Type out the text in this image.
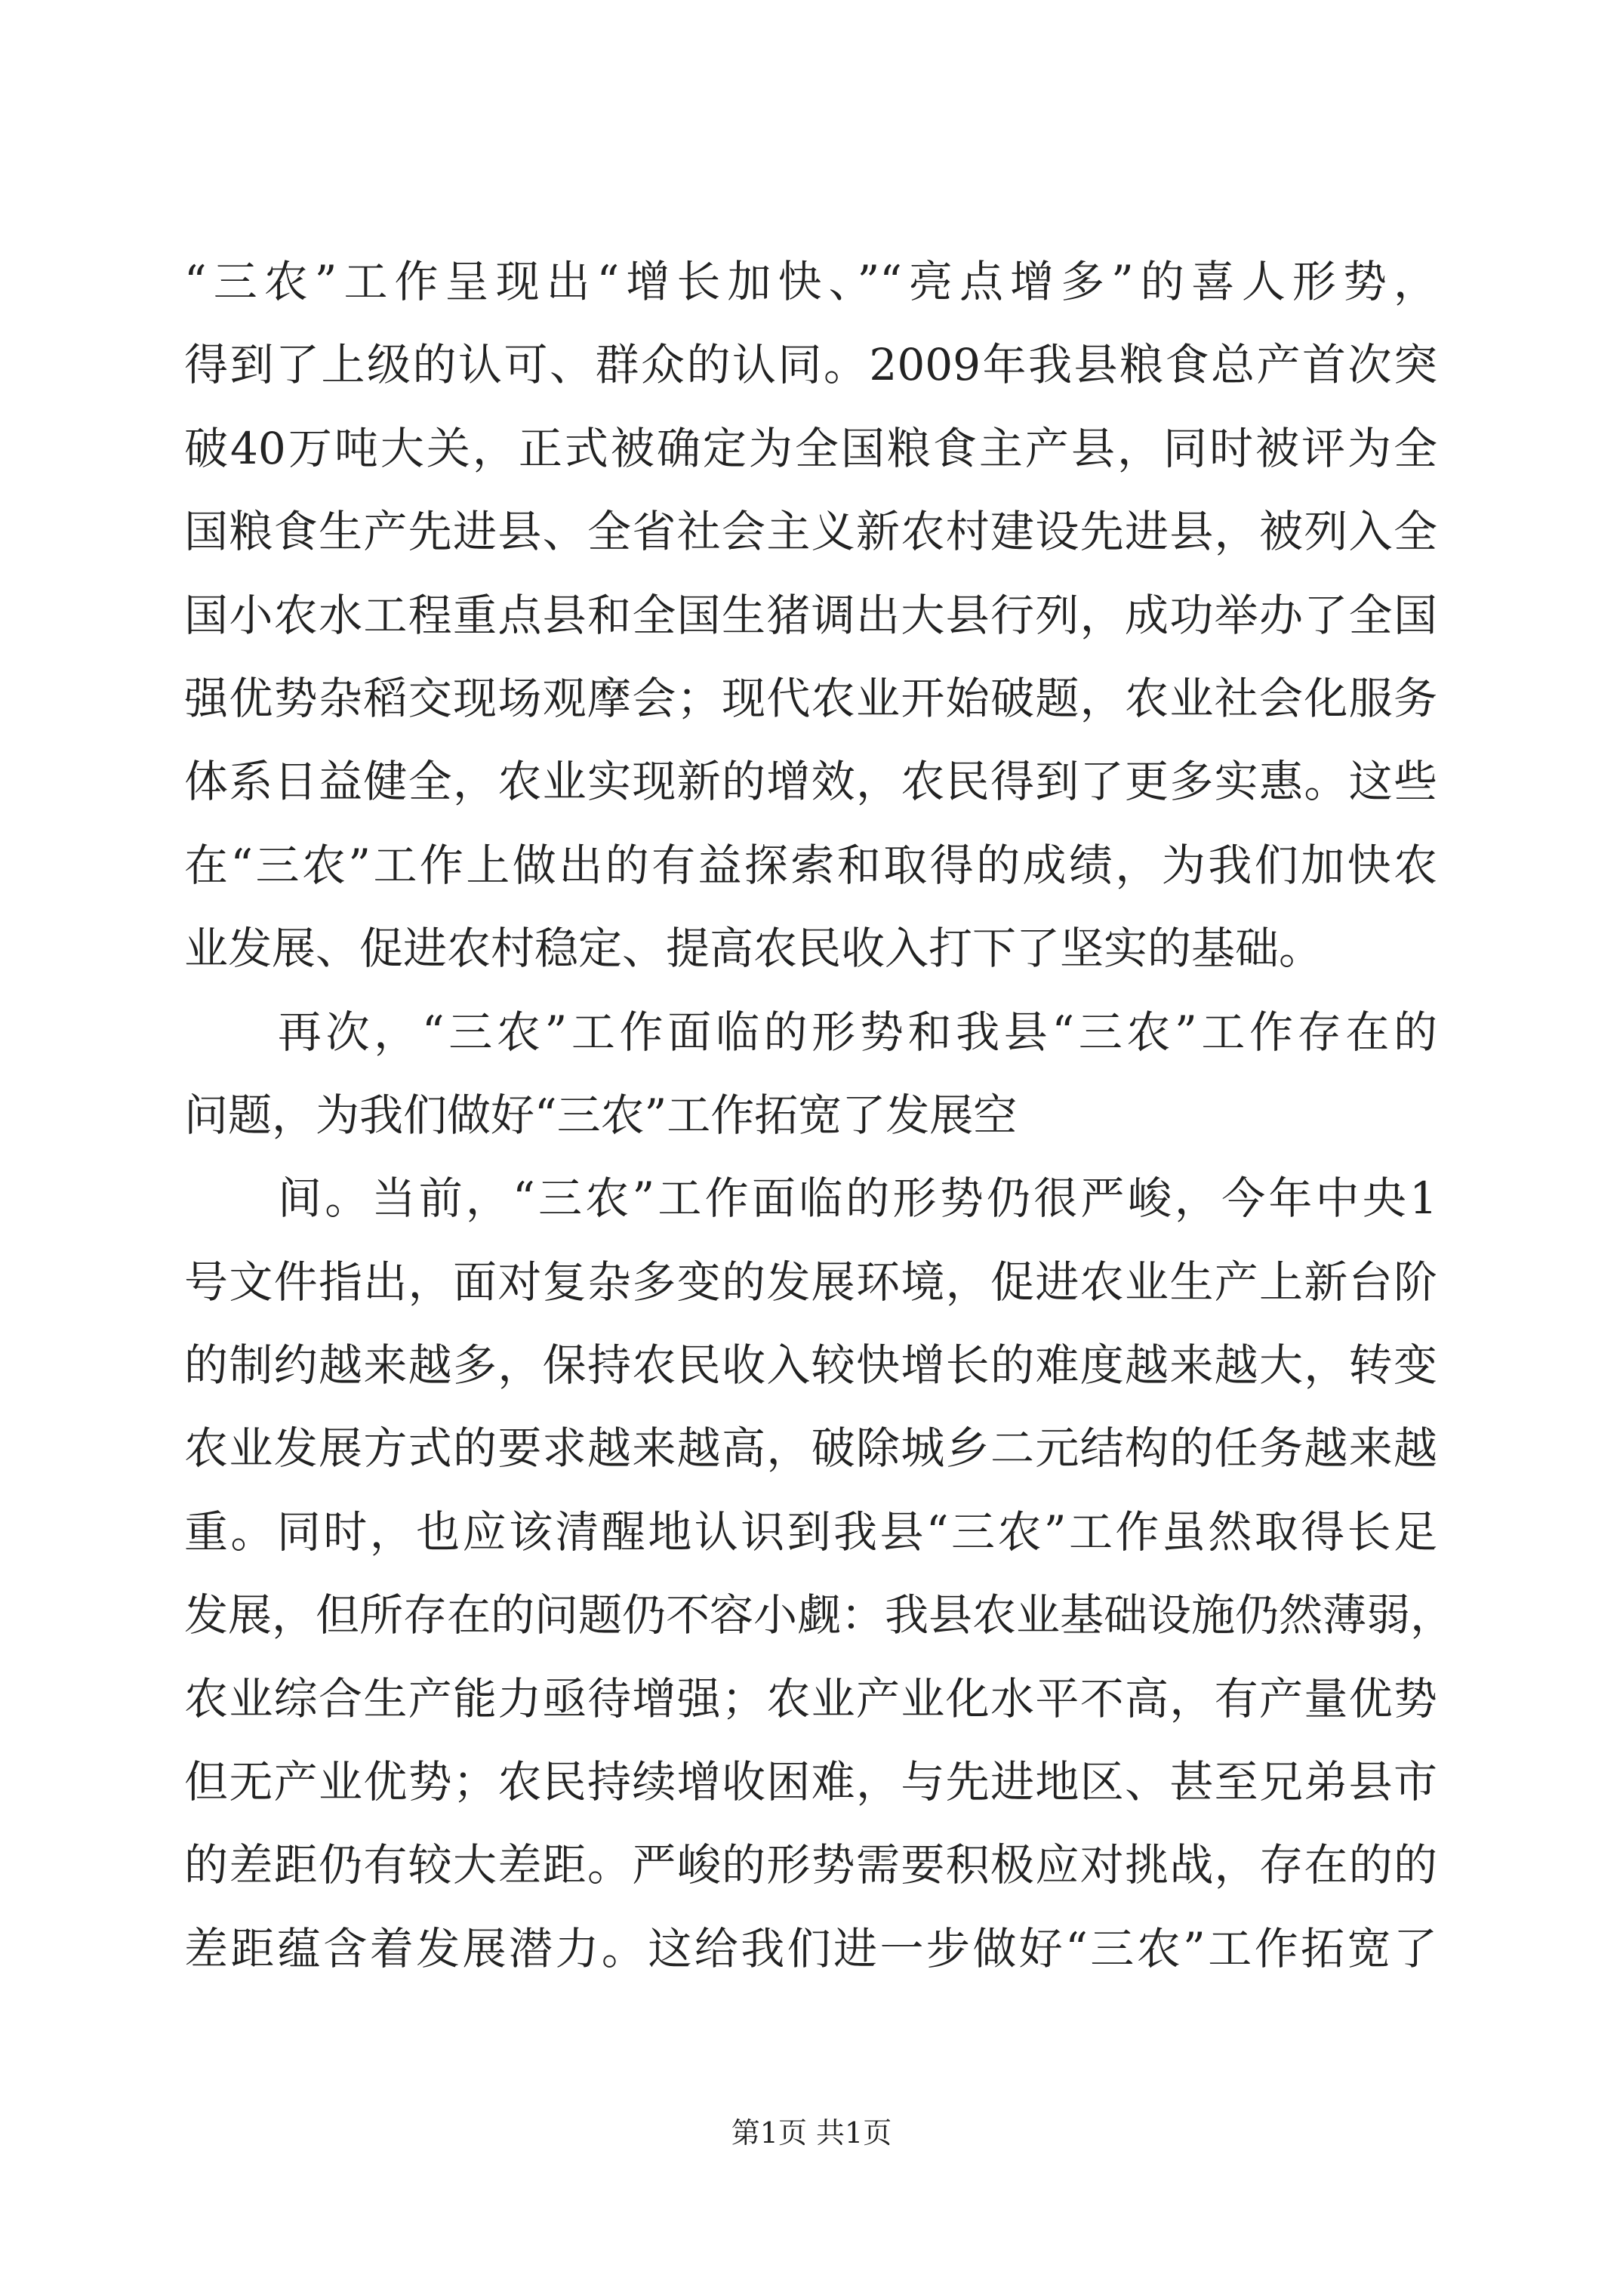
“三农”工作呈现出“增长加快、”“亮点增多”的喜人形势，
得到了上级的认可、群众的认同。2009年我县粮食总产首次突
破40万吨大关，正式被确定为全国粮食主产县，同时被评为全
国粮食生产先进县、全省社会主义新农村建设先进县，被列入全
国小农水工程重点县和全国生猪调出大县行列，成功举办了全国
强优势杂稻交现场观摩会；现代农业开始破题，农业社会化服务
体系日益健全，农业实现新的增效，农民得到了更多实惠。这些
在“三农”工作上做出的有益探索和取得的成绩，为我们加快农
业发展、促进农村稳定、提高农民收入打下了坚实的基础。
再次，“三农”工作面临的形势和我县“三农”工作存在的
问题，为我们做好“三农”工作拓宽了发展空
间。当前，“三农”工作面临的形势仍很严峻，今年中央1
号文件指出，面对复杂多变的发展环境，促进农业生产上新台阶
的制约越来越多，保持农民收入较快增长的难度越来越大，转变
农业发展方式的要求越来越高，破除城乡二元结构的任务越来越
重。同时，也应该清醒地认识到我县“三农”工作虽然取得长足
发展，但所存在的问题仍不容小觑：我县农业基础设施仍然薄弱，
农业综合生产能力亟待增强；农业产业化水平不高，有产量优势
但无产业优势；农民持续增收困难，与先进地区、甚至兄弟县市
的差距仍有较大差距。严峻的形势需要积极应对挑战，存在的的
差距蕴含着发展潜力。这给我们进一步做好“三农”工作拓宽了
第1页 共1页
